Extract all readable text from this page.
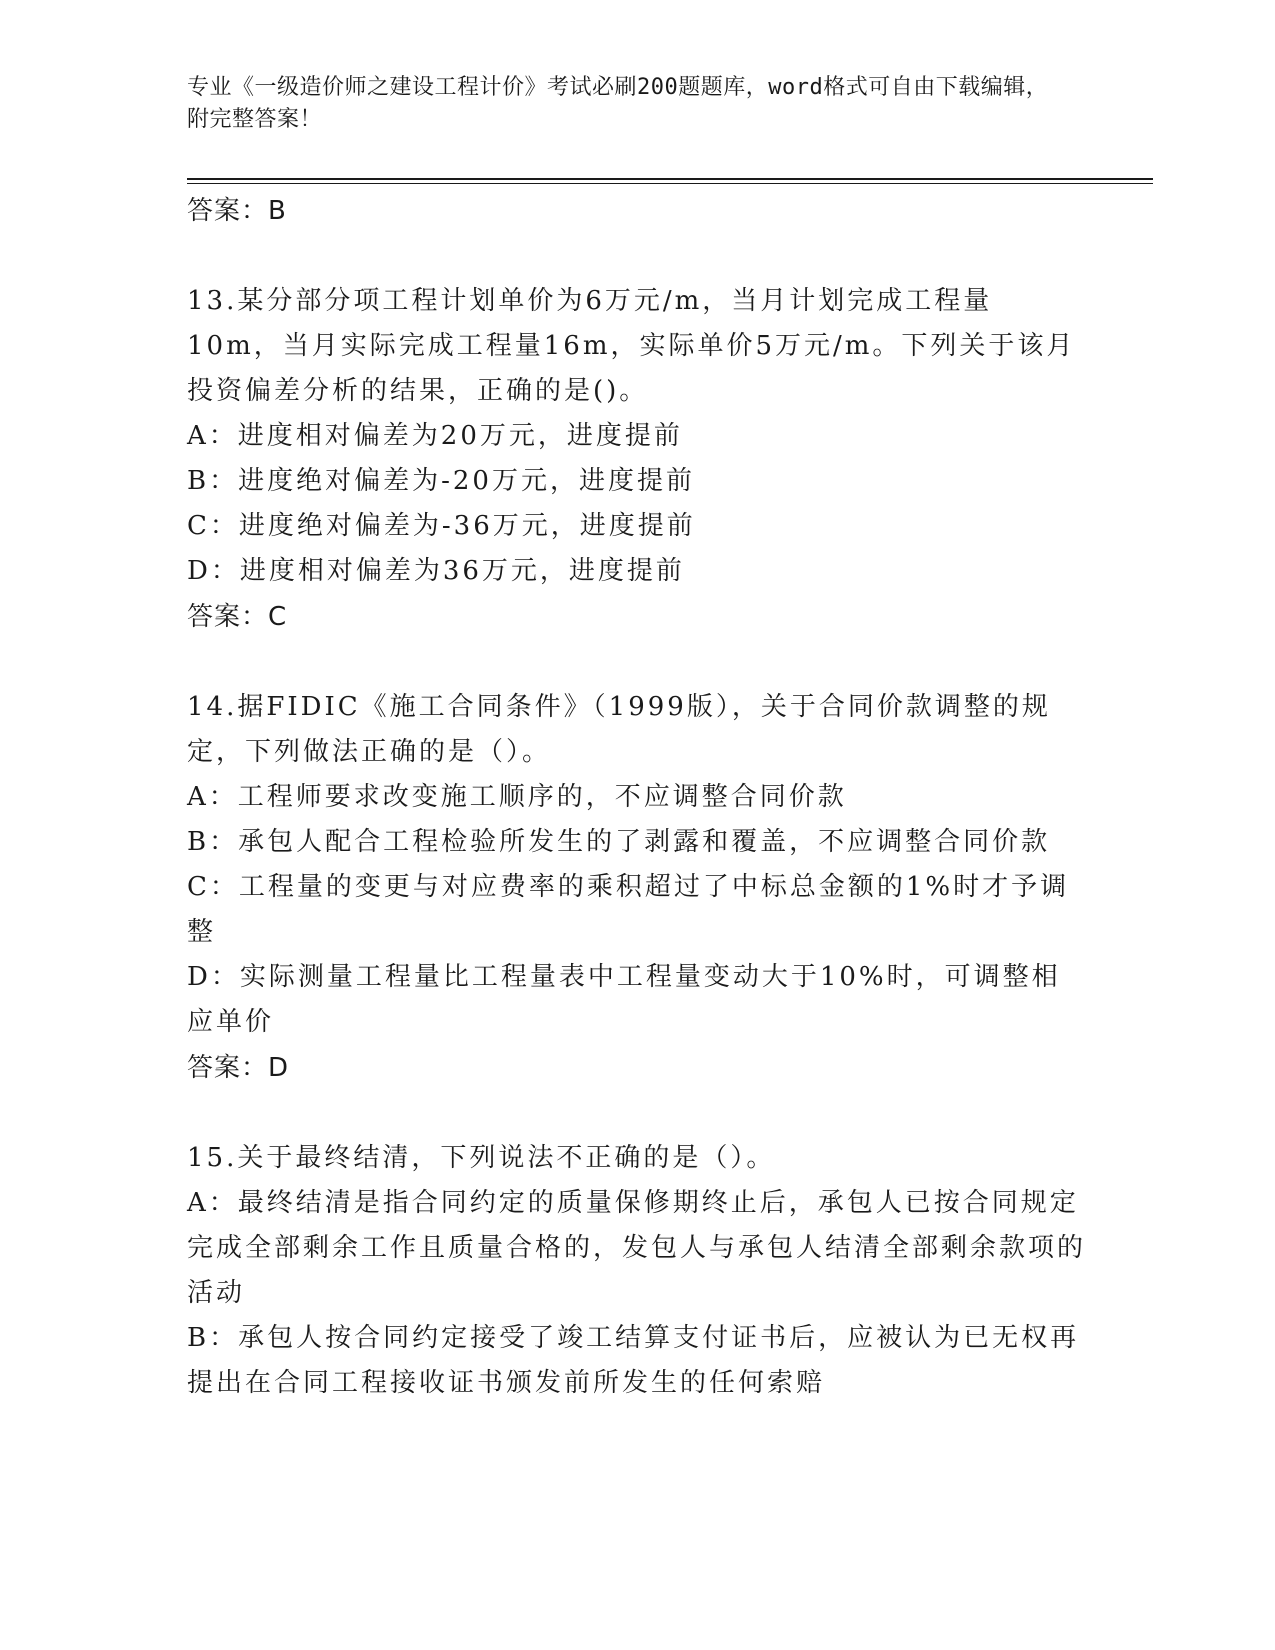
专业《一级造价师之建设工程计价》考试必刷200题题库，word格式可自由下载编辑，附完整答案！

答案：B

13.某分部分项工程计划单价为6万元/m，当月计划完成工程量10m，当月实际完成工程量16m，实际单价5万元/m。下列关于该月投资偏差分析的结果，正确的是()。

A：进度相对偏差为20万元，进度提前

B：进度绝对偏差为-20万元，进度提前

C：进度绝对偏差为-36万元，进度提前

D：进度相对偏差为36万元，进度提前

答案：C

14.据FIDIC《施工合同条件》（1999版），关于合同价款调整的规定，下列做法正确的是（）。

A：工程师要求改变施工顺序的，不应调整合同价款

B：承包人配合工程检验所发生的了剥露和覆盖，不应调整合同价款

C：工程量的变更与对应费率的乘积超过了中标总金额的1%时才予调整

D：实际测量工程量比工程量表中工程量变动大于10%时，可调整相应单价

答案：D

15.关于最终结清，下列说法不正确的是（）。

A：最终结清是指合同约定的质量保修期终止后，承包人已按合同规定完成全部剩余工作且质量合格的，发包人与承包人结清全部剩余款项的活动

B：承包人按合同约定接受了竣工结算支付证书后，应被认为已无权再提出在合同工程接收证书颁发前所发生的任何索赔
